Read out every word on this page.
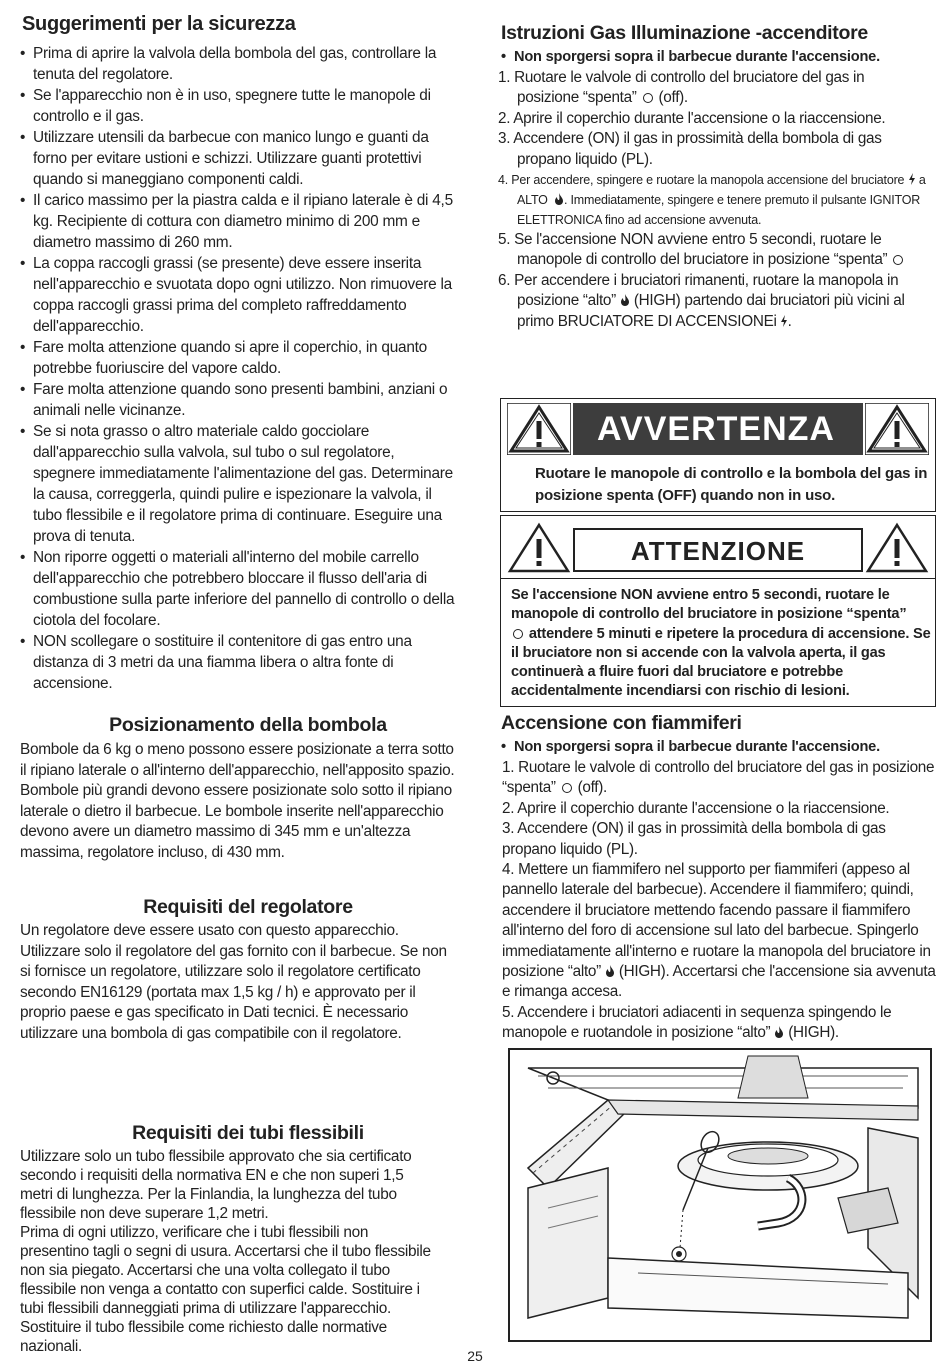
Suggerimenti per la sicurezza
• Prima di aprire la valvola della bombola del gas, controllare la tenuta del regolatore.
• Se l'apparecchio non è in uso, spegnere tutte le manopole di controllo e il gas.
• Utilizzare utensili da barbecue con manico lungo e guanti da forno per evitare ustioni e schizzi. Utilizzare guanti protettivi quando si maneggiano componenti caldi.
• Il carico massimo per la piastra calda e il ripiano laterale è di 4,5 kg. Recipiente di cottura con diametro minimo di 200 mm e diametro massimo di 260 mm.
• La coppa raccogli grassi (se presente) deve essere inserita nell'apparecchio e svuotata dopo ogni utilizzo. Non rimuovere la coppa raccogli grassi prima del completo raffreddamento dell'apparecchio.
• Fare molta attenzione quando si apre il coperchio, in quanto potrebbe fuoriuscire del vapore caldo.
• Fare molta attenzione quando sono presenti bambini, anziani o animali nelle vicinanze.
• Se si nota grasso o altro materiale caldo gocciolare dall'apparecchio sulla valvola, sul tubo o sul regolatore, spegnere immediatamente l'alimentazione del gas. Determinare la causa, correggerla, quindi pulire e ispezionare la valvola, il tubo flessibile e il regolatore prima di continuare. Eseguire una prova di tenuta.
• Non riporre oggetti o materiali all'interno del mobile carrello dell'apparecchio che potrebbero bloccare il flusso dell'aria di combustione sulla parte inferiore del pannello di controllo o della ciotola del focolare.
• NON scollegare o sostituire il contenitore di gas entro una distanza di 3 metri da una fiamma libera o altra fonte di accensione.
Posizionamento della bombola

Bombole da 6 kg o meno possono essere posizionate a terra sotto il ripiano laterale o all'interno dell'apparecchio, nell'apposito spazio. Bombole più grandi devono essere posizionate solo sotto il ripiano laterale o dietro il barbecue. Le bombole inserite nell'apparecchio devono avere un diametro massimo di 345 mm e un'altezza massima, regolatore incluso, di 430 mm.

Requisiti del regolatore

Un regolatore deve essere usato con questo apparecchio. Utilizzare solo il regolatore del gas fornito con il barbecue. Se non si fornisce un regolatore, utilizzare solo il regolatore certificato secondo EN16129 (portata max 1,5 kg / h) e approvato per il proprio paese e gas specificato in Dati tecnici. È necessario utilizzare una bombola di gas compatibile con il regolatore.

Requisiti dei tubi flessibili

Utilizzare solo un tubo flessibile approvato che sia certificato secondo i requisiti della normativa EN e che non superi 1,5 metri di lunghezza. Per la Finlandia, la lunghezza del tubo flessibile non deve superare 1,2 metri.

Prima di ogni utilizzo, verificare che i tubi flessibili non presentino tagli o segni di usura. Accertarsi che il tubo flessibile non sia piegato. Accertarsi che una volta collegato il tubo flessibile non venga a contatto con superfici calde. Sostituire i tubi flessibili danneggiati prima di utilizzare l'apparecchio. Sostituire il tubo flessibile come richiesto dalle normative nazionali.

Istruzioni Gas Illuminazione -accenditore
• Non sporgersi sopra il barbecue durante l'accensione.
1. Ruotare le valvole di controllo del bruciatore del gas in posizione “spenta” (off).
2. Aprire il coperchio durante l'accensione o la riaccensione.
3. Accendere (ON) il gas in prossimità della bombola di gas propano liquido (PL).
4. Per accendere, spingere e ruotare la manopola accensione del bruciatore a ALTO . Immediatamente, spingere e tenere premuto il pulsante IGNITOR ELETTRONICA fino ad accensione avvenuta.
5. Se l'accensione NON avviene entro 5 secondi, ruotare le manopole di controllo del bruciatore in posizione “spenta”
6. Per accendere i bruciatori rimanenti, ruotare la manopola in posizione “alto” (HIGH) partendo dai bruciatori più vicini al primo BRUCIATORE DI ACCENSIONEi .
AVVERTENZA
Ruotare le manopole di controllo e la bombola del gas in posizione spenta (OFF) quando non in uso.
ATTENZIONE
Se l'accensione NON avviene entro 5 secondi, ruotare le manopole di controllo del bruciatore in posizione “spenta”
attendere 5 minuti e ripetere la procedura di accensione. Se il bruciatore non si accende con la valvola aperta, il gas continuerà a fluire fuori dal bruciatore e potrebbe accidentalmente incendiarsi con rischio di lesioni.
Accensione con fiammiferi
• Non sporgersi sopra il barbecue durante l'accensione.
1. Ruotare le valvole di controllo del bruciatore del gas in posizione “spenta” (off).
2. Aprire il coperchio durante l'accensione o la riaccensione.
3. Accendere (ON) il gas in prossimità della bombola di gas propano liquido (PL).
4. Mettere un fiammifero nel supporto per fiammiferi (appeso al pannello laterale del barbecue). Accendere il fiammifero; quindi, accendere il bruciatore mettendo facendo passare il fiammifero all'interno del foro di accensione sul lato del barbecue. Spingerlo immediatamente all'interno e ruotare la manopola del bruciatore in posizione “alto” (HIGH). Accertarsi che l'accensione sia avvenuta e rimanga accesa.
5. Accendere i bruciatori adiacenti in sequenza spingendo le manopole e ruotandole in posizione “alto” (HIGH).
25
